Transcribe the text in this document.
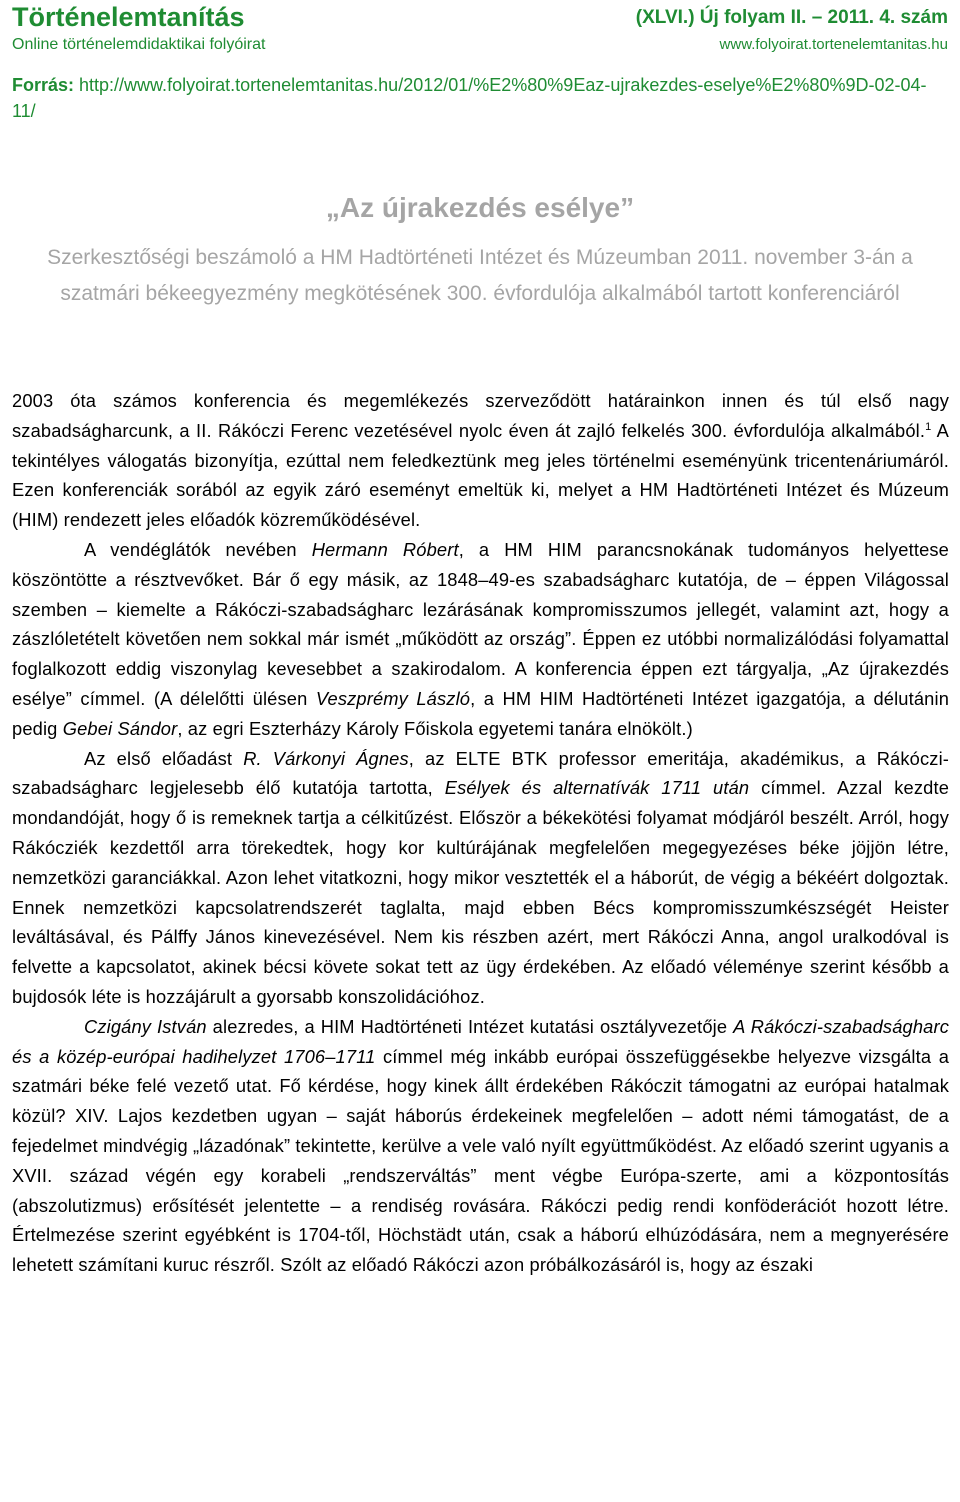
Történelemtanítás	(XLVI.) Új folyam II. – 2011. 4. szám
Online történelemdidaktikai folyóirat	www.folyoirat.tortenelemtanitas.hu
Forrás: http://www.folyoirat.tortenelemtanitas.hu/2012/01/%E2%80%9Eaz-ujrakezdes-eselye%E2%80%9D-02-04-11/
„Az újrakezdés esélye”
Szerkesztőségi beszámoló a HM Hadtörténeti Intézet és Múzeumban 2011. november 3-án a szatmári békeegyezmény megkötésének 300. évfordulója alkalmából tartott konferenciáról

2003 óta számos konferencia és megemlékezés szerveződött határainkon innen és túl első nagy szabadságharcunk, a II. Rákóczi Ferenc vezetésével nyolc éven át zajló felkelés 300. évfordulója alkalmából.$^1$ A tekintélyes válogatás bizonyítja, ezúttal nem feledkeztünk meg jeles történelmi eseményünk tricentenáriumáról. Ezen konferenciák sorából az egyik záró eseményt emeltük ki, melyet a HM Hadtörténeti Intézet és Múzeum (HIM) rendezett jeles előadók közreműködésével.

A vendéglátók nevében Hermann Róbert, a HM HIM parancsnokának tudományos helyettese köszöntötte a résztvevőket. Bár ő egy másik, az 1848–49-es szabadságharc kutatója, de – éppen Világossal szemben – kiemelte a Rákóczi-szabadságharc lezárásának kompromisszumos jellegét, valamint azt, hogy a zászlóletételt követően nem sokkal már ismét „működött az ország”. Éppen ez utóbbi normalizálódási folyamattal foglalkozott eddig viszonylag kevesebbet a szakirodalom. A konferencia éppen ezt tárgyalja, „Az újrakezdés esélye” címmel. (A délelőtti ülésen Veszprémy László, a HM HIM Hadtörténeti Intézet igazgatója, a délutánin pedig Gebei Sándor, az egri Eszterházy Károly Főiskola egyetemi tanára elnökölt.)

Az első előadást R. Várkonyi Ágnes, az ELTE BTK professor emeritája, akadémikus, a Rákóczi-szabadságharc legjelesebb élő kutatója tartotta, Esélyek és alternatívák 1711 után címmel. Azzal kezdte mondandóját, hogy ő is remeknek tartja a célkitűzést. Először a békekötési folyamat módjáról beszélt. Arról, hogy Rákócziék kezdettől arra törekedtek, hogy kor kultúrájának megfelelően megegyezéses béke jöjjön létre, nemzetközi garanciákkal. Azon lehet vitatkozni, hogy mikor vesztették el a háborút, de végig a békéért dolgoztak. Ennek nemzetközi kapcsolatrendszerét taglalta, majd ebben Bécs kompromisszumkészségét Heister leváltásával, és Pálffy János kinevezésével. Nem kis részben azért, mert Rákóczi Anna, angol uralkodóval is felvette a kapcsolatot, akinek bécsi követe sokat tett az ügy érdekében. Az előadó véleménye szerint később a bujdosók léte is hozzájárult a gyorsabb konszolidációhoz.

Czigány István alezredes, a HIM Hadtörténeti Intézet kutatási osztályvezetője A Rákóczi-szabadságharc és a közép-európai hadihelyzet 1706–1711 címmel még inkább európai összefüggésekbe helyezve vizsgálta a szatmári béke felé vezető utat. Fő kérdése, hogy kinek állt érdekében Rákóczit támogatni az európai hatalmak közül? XIV. Lajos kezdetben ugyan – saját háborús érdekeinek megfelelően – adott némi támogatást, de a fejedelmet mindvégig „lázadónak” tekintette, kerülve a vele való nyílt együttműködést. Az előadó szerint ugyanis a XVII. század végén egy korabeli „rendszerváltás” ment végbe Európa-szerte, ami a központosítás (abszolutizmus) erősítését jelentette – a rendiség rovására. Rákóczi pedig rendi konföderációt hozott létre. Értelmezése szerint egyébként is 1704-től, Höchstädt után, csak a háború elhúzódására, nem a megnyerésére lehetett számítani kuruc részről. Szólt az előadó Rákóczi azon próbálkozásáról is, hogy az északi
